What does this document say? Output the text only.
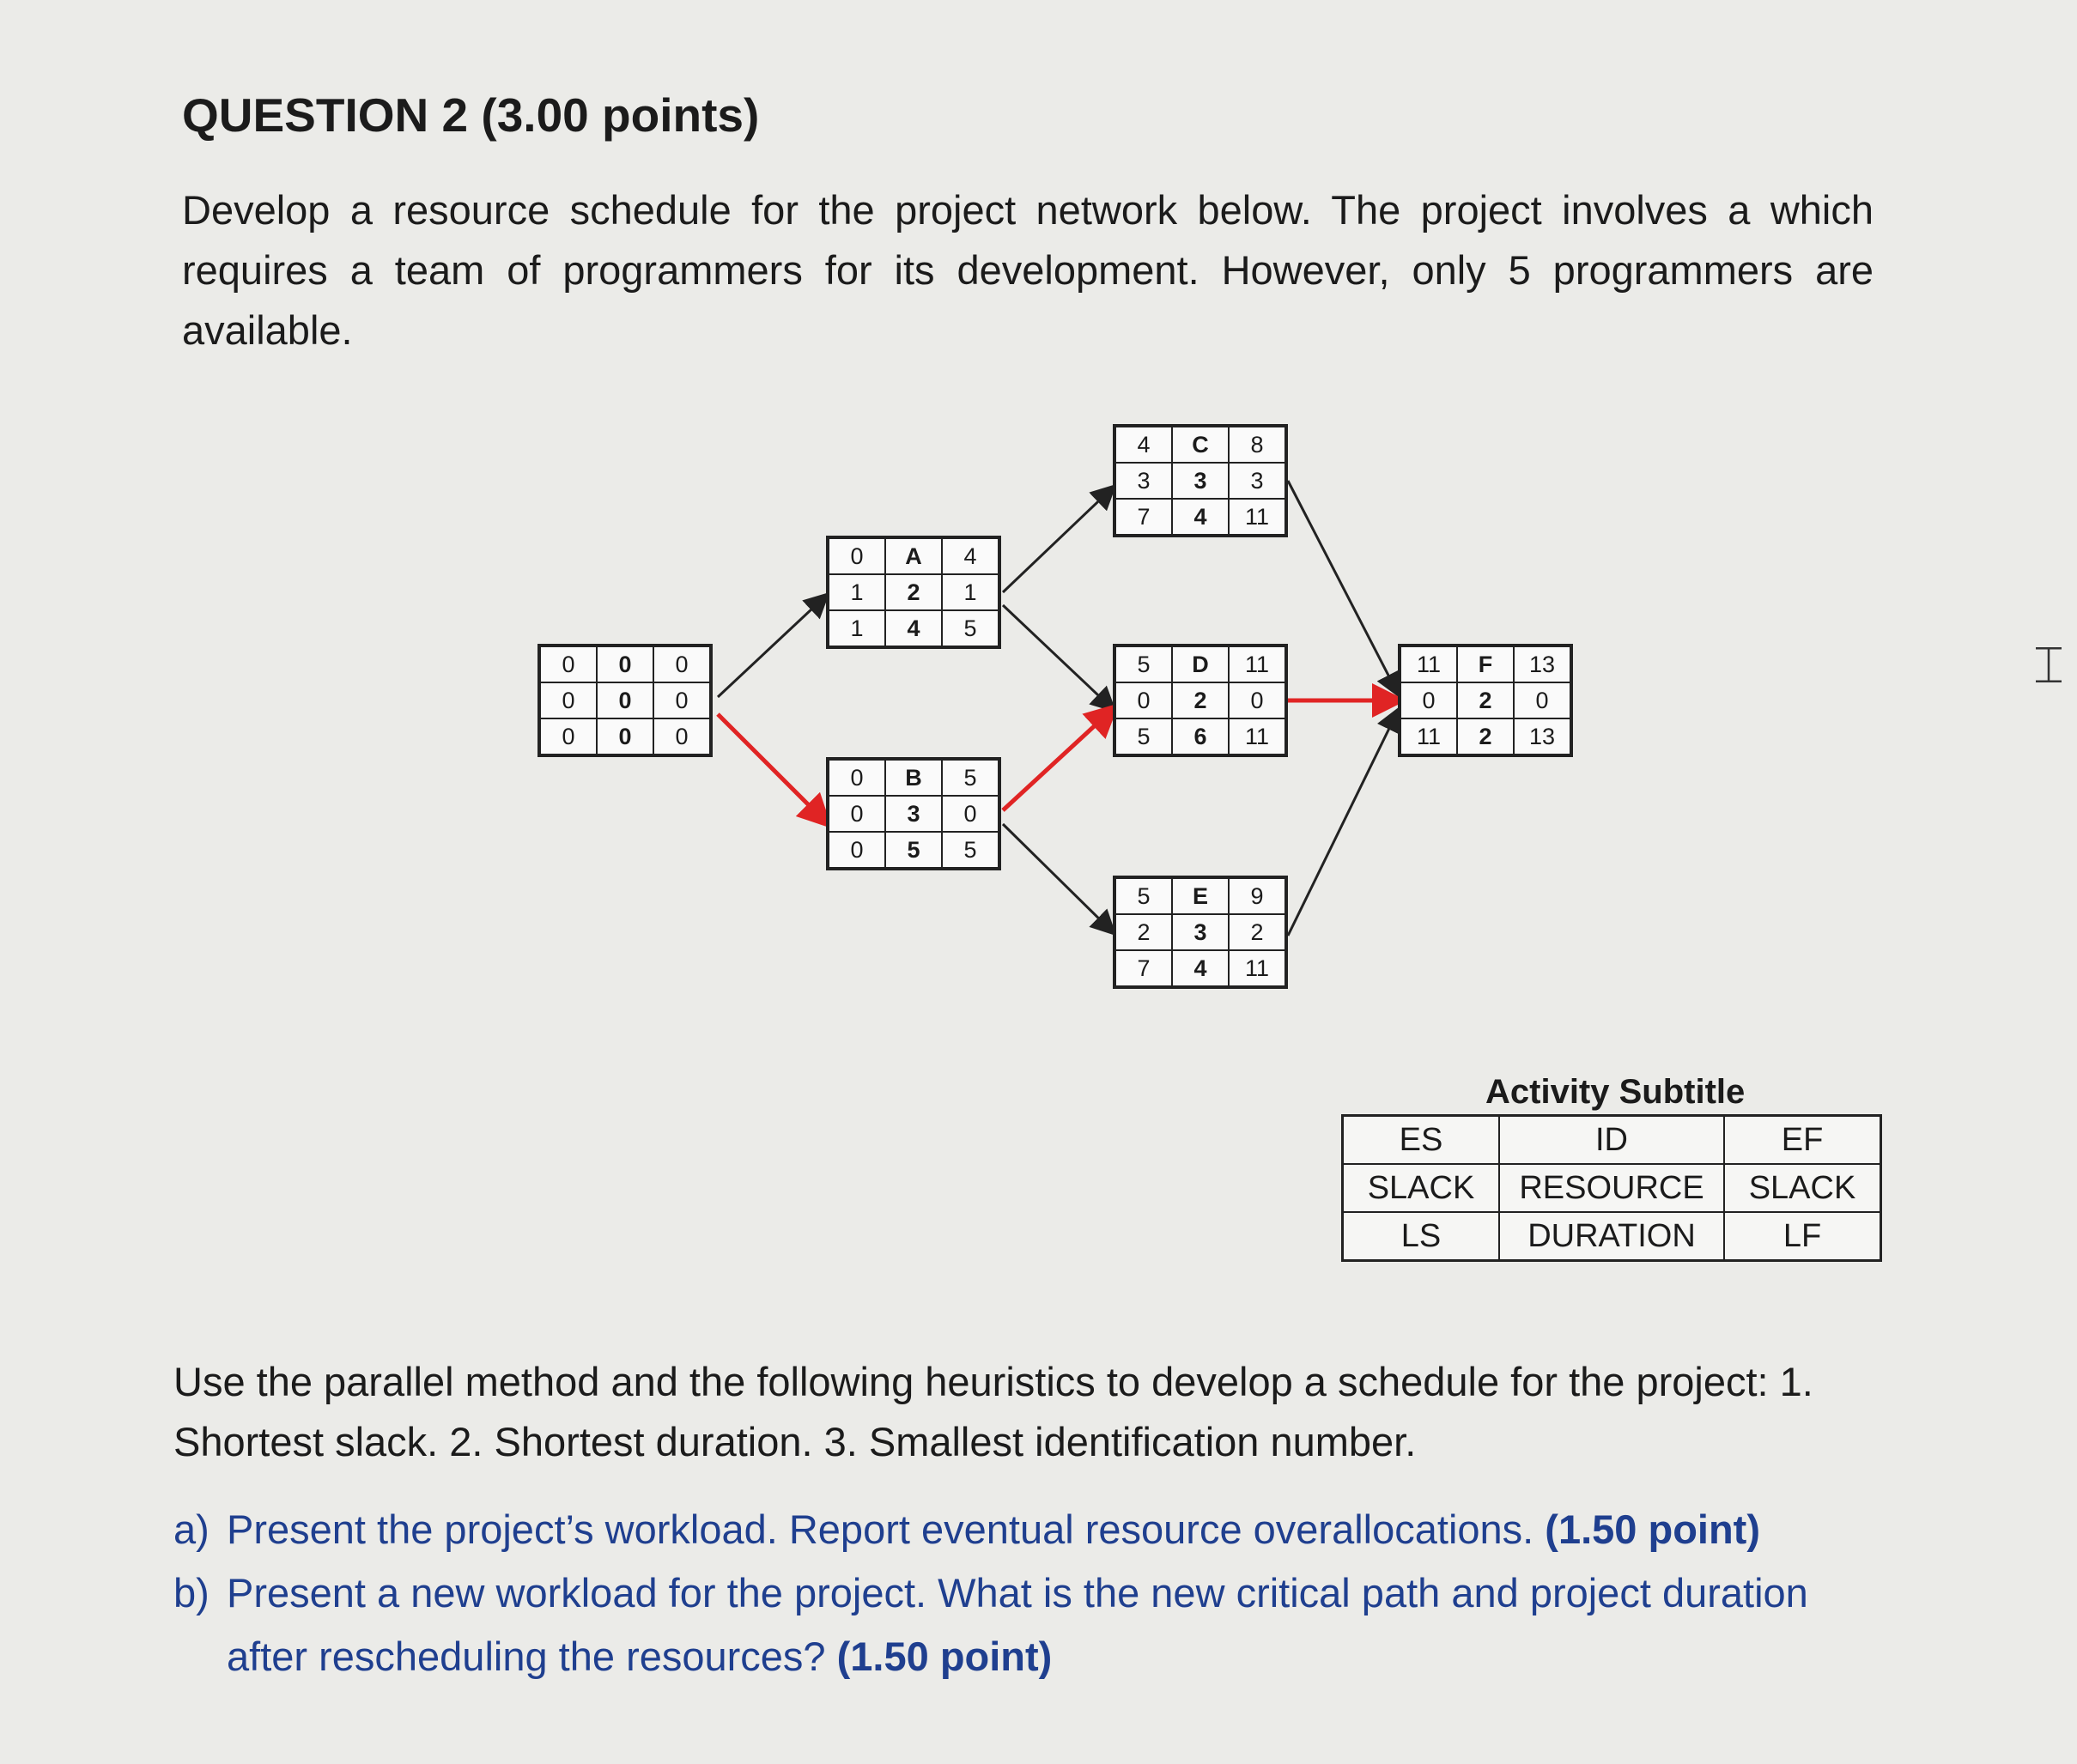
QUESTION 2 (3.00 points)
Develop a resource schedule for the project network below. The project involves a which requires a team of programmers for its development. However, only 5 programmers are available.
0	0	0
0	0	0
0	0	0
0	A	4
1	2	1
1	4	5
0	B	5
0	3	0
0	5	5
4	C	8
3	3	3
7	4	11
5	D	11
0	2	0
5	6	11
5	E	9
2	3	2
7	4	11
11	F	13
0	2	0
11	2	13
Activity Subtitle
ES	ID	EF
SLACK	RESOURCE	SLACK
LS	DURATION	LF
Use the parallel method and the following heuristics to develop a schedule for the project: 1. Shortest slack. 2. Shortest duration. 3. Smallest identification number.
a) Present the project’s workload. Report eventual resource overallocations. (1.50 point)
b) Present a new workload for the project. What is the new critical path and project duration after rescheduling the resources? (1.50 point)
⌶
